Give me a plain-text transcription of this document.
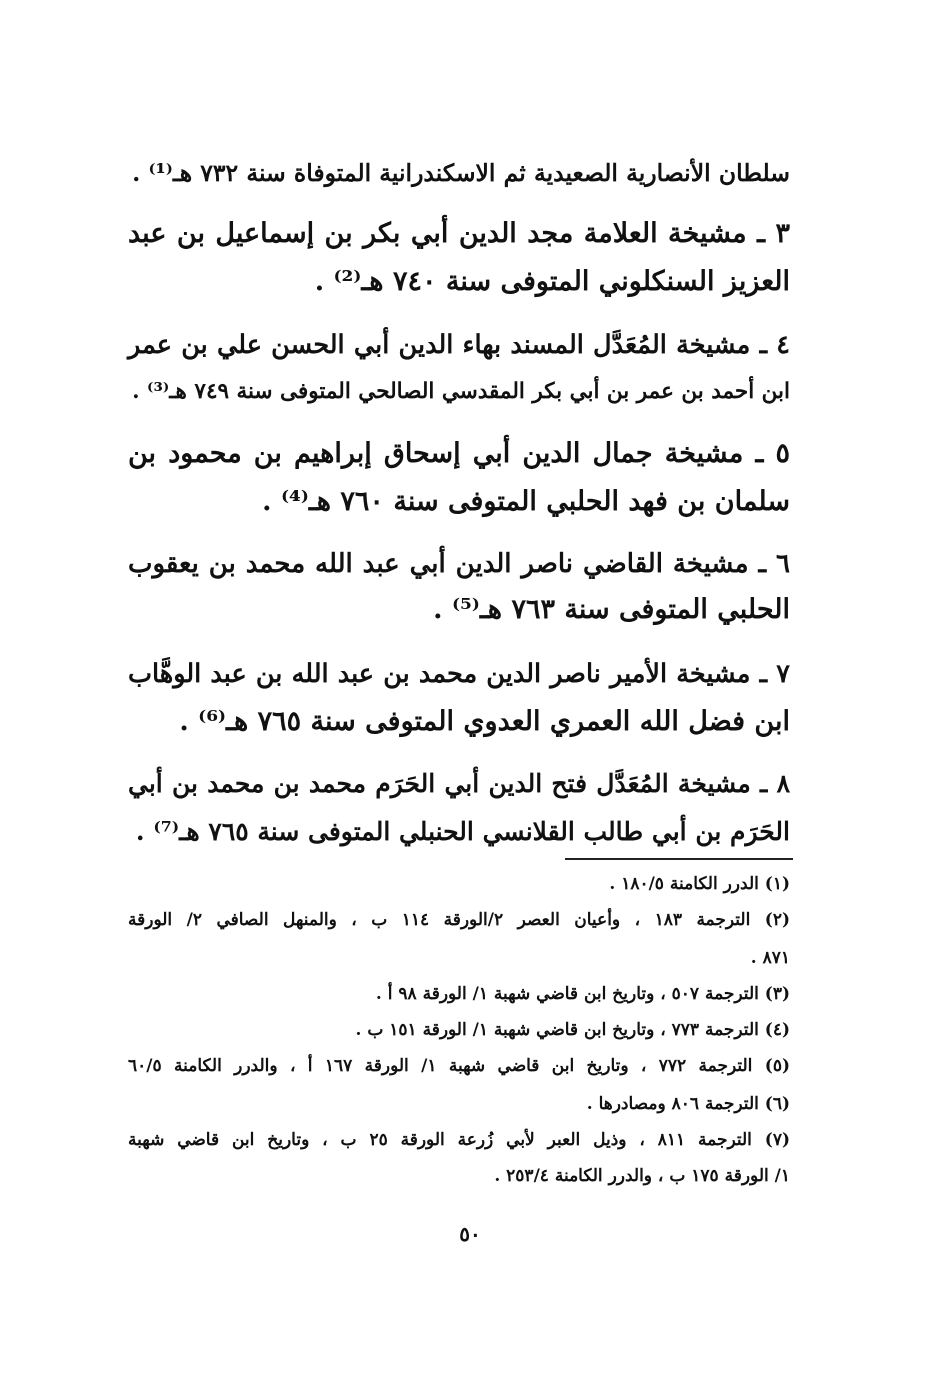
سلطان الأنصارية الصعيدية ثم الاسكندرانية المتوفاة سنة ٧٣٢ هـ⁽¹⁾ .
٣ ـ مشيخة العلامة مجد الدين أبي بكر بن إسماعيل بن عبد
العزيز السنكلوني المتوفى سنة ٧٤٠ هـ⁽²⁾ .
٤ ـ مشيخة المُعَدَّل المسند بهاء الدين أبي الحسن علي بن عمر
ابن أحمد بن عمر بن أبي بكر المقدسي الصالحي المتوفى سنة ٧٤٩ هـ⁽³⁾ .
٥ ـ مشيخة جمال الدين أبي إسحاق إبراهيم بن محمود بن
سلمان بن فهد الحلبي المتوفى سنة ٧٦٠ هـ⁽⁴⁾ .
٦ ـ مشيخة القاضي ناصر الدين أبي عبد الله محمد بن يعقوب
الحلبي المتوفى سنة ٧٦٣ هـ⁽⁵⁾ .
٧ ـ مشيخة الأمير ناصر الدين محمد بن عبد الله بن عبد الوهَّاب
ابن فضل الله العمري العدوي المتوفى سنة ٧٦٥ هـ⁽⁶⁾ .
٨ ـ مشيخة المُعَدَّل فتح الدين أبي الحَرَم محمد بن محمد بن أبي
الحَرَم بن أبي طالب القلانسي الحنبلي المتوفى سنة ٧٦٥ هـ⁽⁷⁾ .
(١) الدرر الكامنة ١٨٠/٥ .
(٢) الترجمة ١٨٣ ، وأعيان العصر ٢/الورقة ١١٤ ب ، والمنهل الصافي ٢/ الورقة
٨٧١ .
(٣) الترجمة ٥٠٧ ، وتاريخ ابن قاضي شهبة ١/ الورقة ٩٨ أ .
(٤) الترجمة ٧٧٣ ، وتاريخ ابن قاضي شهبة ١/ الورقة ١٥١ ب .
(٥) الترجمة ٧٧٢ ، وتاريخ ابن قاضي شهبة ١/ الورقة ١٦٧ أ ، والدرر الكامنة ٦٠/٥
(٦) الترجمة ٨٠٦ ومصادرها .
(٧) الترجمة ٨١١ ، وذيل العبر لأبي زُرعة الورقة ٢٥ ب ، وتاريخ ابن قاضي شهبة
١/ الورقة ١٧٥ ب ، والدرر الكامنة ٢٥٣/٤ .
٥٠
